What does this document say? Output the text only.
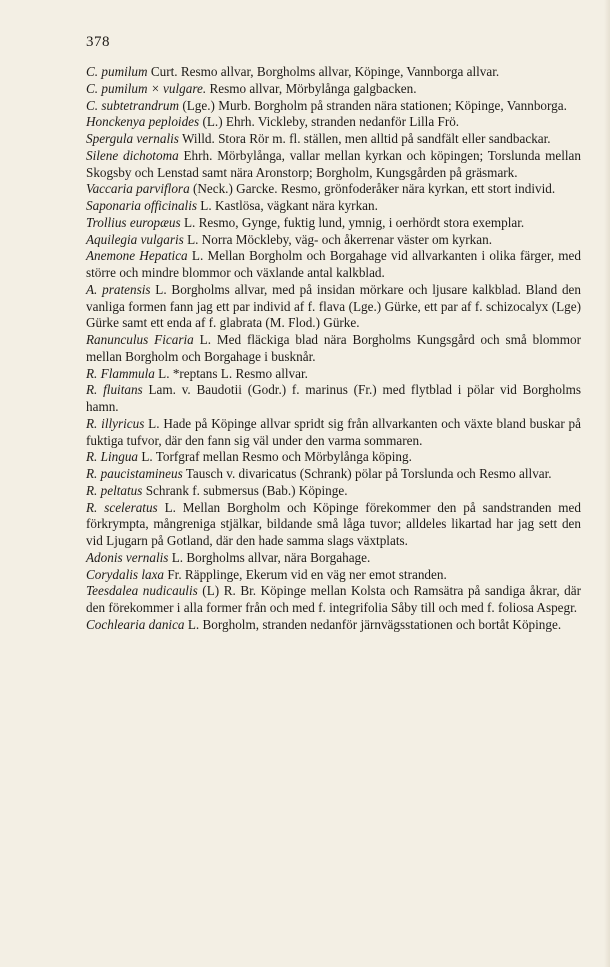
378

C. pumilum Curt. Resmo allvar, Borgholms allvar, Köpinge, Vannborga allvar.

C. pumilum × vulgare. Resmo allvar, Mörbylånga galgbacken.

C. subtetrandrum (Lge.) Murb. Borgholm på stranden nära stationen; Köpinge, Vannborga.

Honckenya peploides (L.) Ehrh. Vickleby, stranden nedanför Lilla Frö.

Spergula vernalis Willd. Stora Rör m. fl. ställen, men alltid på sandfält eller sandbackar.

Silene dichotoma Ehrh. Mörbylånga, vallar mellan kyrkan och köpingen; Torslunda mellan Skogsby och Lenstad samt nära Aronstorp; Borgholm, Kungsgården på gräsmark.

Vaccaria parviflora (Neck.) Garcke. Resmo, grönfoderåker nära kyrkan, ett stort individ.

Saponaria officinalis L. Kastlösa, vägkant nära kyrkan.

Trollius europæus L. Resmo, Gynge, fuktig lund, ymnig, i oerhördt stora exemplar.

Aquilegia vulgaris L. Norra Möckleby, väg- och åkerrenar väster om kyrkan.

Anemone Hepatica L. Mellan Borgholm och Borgahage vid allvarkanten i olika färger, med större och mindre blommor och växlande antal kalkblad.

A. pratensis L. Borgholms allvar, med på insidan mörkare och ljusare kalkblad. Bland den vanliga formen fann jag ett par individ af f. flava (Lge.) Gürke, ett par af f. schizocalyx (Lge) Gürke samt ett enda af f. glabrata (M. Flod.) Gürke.

Ranunculus Ficaria L. Med fläckiga blad nära Borgholms Kungsgård och små blommor mellan Borgholm och Borgahage i busknår.

R. Flammula L. *reptans L. Resmo allvar.

R. fluitans Lam. v. Baudotii (Godr.) f. marinus (Fr.) med flytblad i pölar vid Borgholms hamn.

R. illyricus L. Hade på Köpinge allvar spridt sig från allvarkanten och växte bland buskar på fuktiga tufvor, där den fann sig väl under den varma sommaren.

R. Lingua L. Torfgraf mellan Resmo och Mörbylånga köping.

R. paucistamineus Tausch v. divaricatus (Schrank) pölar på Torslunda och Resmo allvar.

R. peltatus Schrank f. submersus (Bab.) Köpinge.

R. sceleratus L. Mellan Borgholm och Köpinge förekommer den på sandstranden med förkrympta, mångreniga stjälkar, bildande små låga tuvor; alldeles likartad har jag sett den vid Ljugarn på Gotland, där den hade samma slags växtplats.

Adonis vernalis L. Borgholms allvar, nära Borgahage.

Corydalis laxa Fr. Räpplinge, Ekerum vid en väg ner emot stranden.

Teesdalea nudicaulis (L) R. Br. Köpinge mellan Kolsta och Ramsätra på sandiga åkrar, där den förekommer i alla former från och med f. integrifolia Såby till och med f. foliosa Aspegr.

Cochlearia danica L. Borgholm, stranden nedanför järnvägsstationen och bortåt Köpinge.
